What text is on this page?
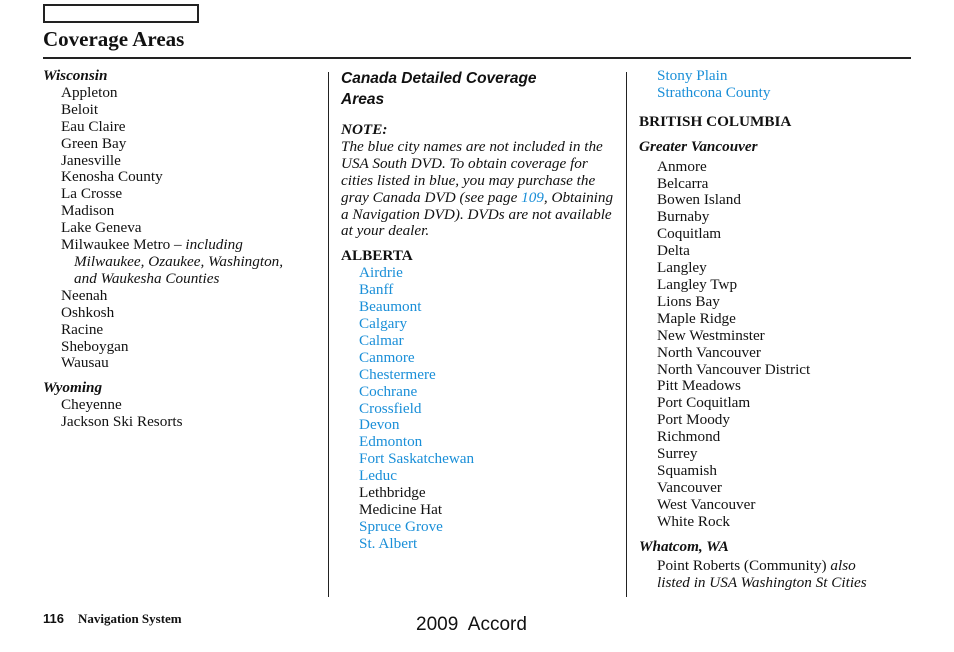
Coverage Areas

Wisconsin

Appleton
Beloit
Eau Claire
Green Bay
Janesville
Kenosha County
La Crosse
Madison
Lake Geneva
Milwaukee Metro – including
Milwaukee, Ozaukee, Washington,
and Waukesha Counties
Neenah
Oshkosh
Racine
Sheboygan
Wausau

Wyoming

Cheyenne
Jackson Ski Resorts

Canada Detailed Coverage
Areas

NOTE:

The blue city names are not included in the USA South DVD. To obtain coverage for cities listed in blue, you may purchase the gray Canada DVD (see page 109, Obtaining a Navigation DVD). DVDs are not available at your dealer.

ALBERTA

Airdrie
Banff
Beaumont
Calgary
Calmar
Canmore
Chestermere
Cochrane
Crossfield
Devon
Edmonton
Fort Saskatchewan
Leduc
Lethbridge
Medicine Hat
Spruce Grove
St. Albert
Stony Plain
Strathcona County

BRITISH COLUMBIA

Greater Vancouver

Anmore
Belcarra
Bowen Island
Burnaby
Coquitlam
Delta
Langley
Langley Twp
Lions Bay
Maple Ridge
New Westminster
North Vancouver
North Vancouver District
Pitt Meadows
Port Coquitlam
Port Moody
Richmond
Surrey
Squamish
Vancouver
West Vancouver
White Rock

Whatcom, WA

Point Roberts (Community) also
listed in USA Washington St Cities
116 Navigation System	2009  Accord
